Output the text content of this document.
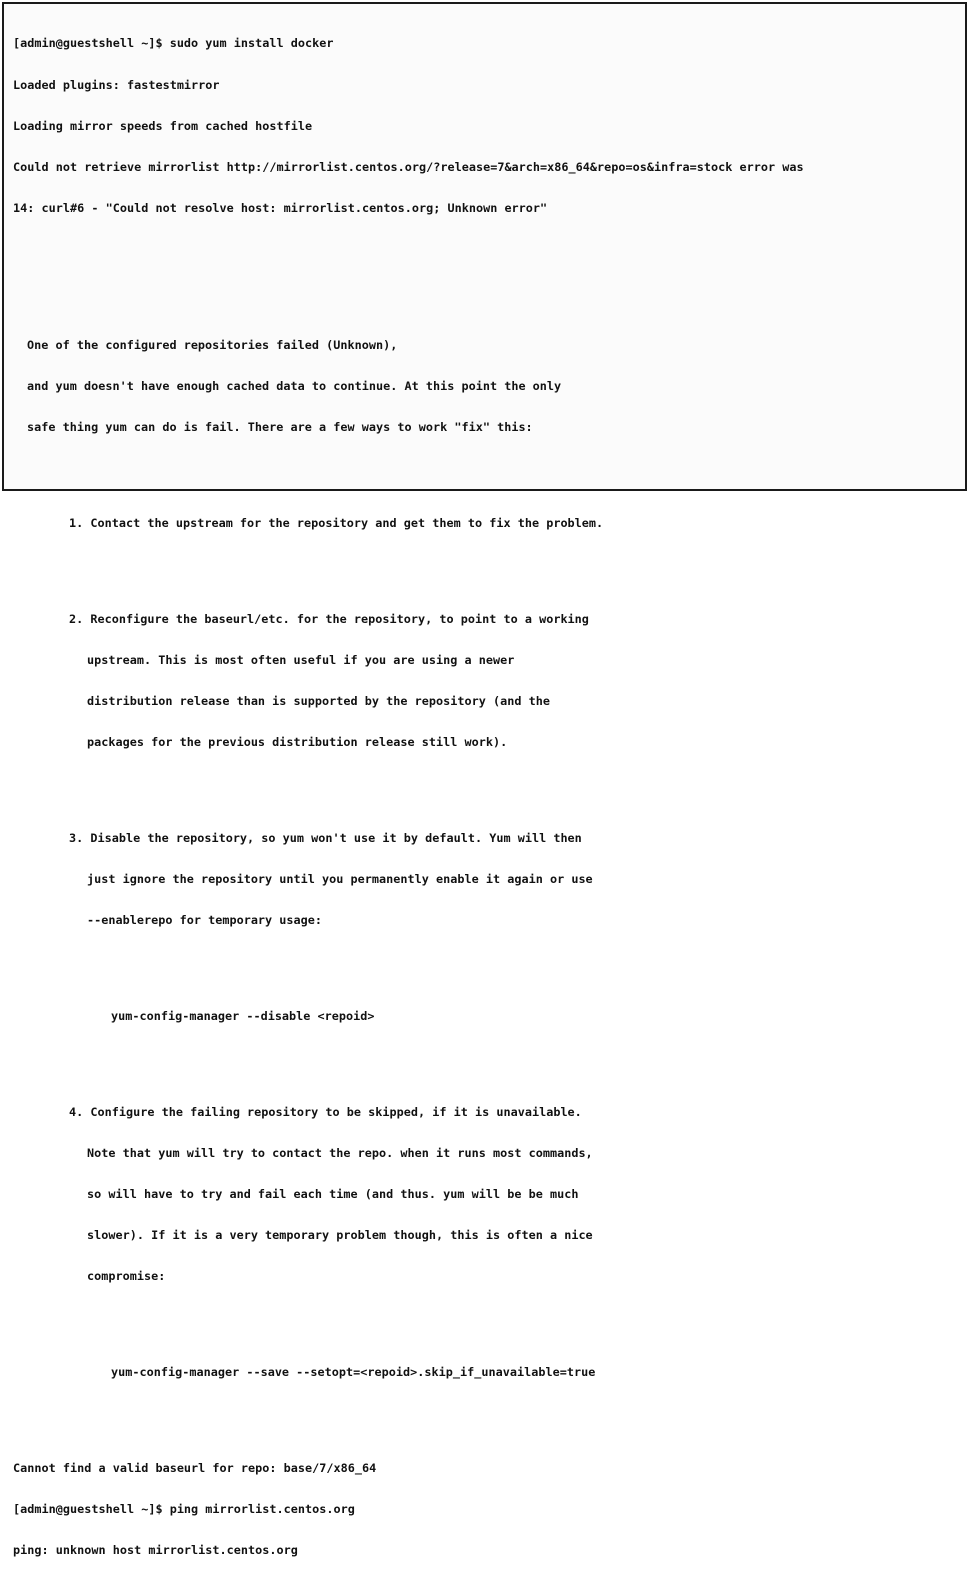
[admin@guestshell ~]$ sudo yum install docker

Loaded plugins: fastestmirror

Loading mirror speeds from cached hostfile

Could not retrieve mirrorlist http://mirrorlist.centos.org/?release=7&arch=x86_64&repo=os&infra=stock error was

14: curl#6 - "Could not resolve host: mirrorlist.centos.org; Unknown error"

One of the configured repositories failed (Unknown),

and yum doesn't have enough cached data to continue. At this point the only

safe thing yum can do is fail. There are a few ways to work "fix" this:

1. Contact the upstream for the repository and get them to fix the problem.

2. Reconfigure the baseurl/etc. for the repository, to point to a working

upstream. This is most often useful if you are using a newer

distribution release than is supported by the repository (and the

packages for the previous distribution release still work).

3. Disable the repository, so yum won't use it by default. Yum will then

just ignore the repository until you permanently enable it again or use

--enablerepo for temporary usage:

yum-config-manager --disable <repoid>

4. Configure the failing repository to be skipped, if it is unavailable.

Note that yum will try to contact the repo. when it runs most commands,

so will have to try and fail each time (and thus. yum will be be much

slower). If it is a very temporary problem though, this is often a nice

compromise:

yum-config-manager --save --setopt=<repoid>.skip_if_unavailable=true

Cannot find a valid baseurl for repo: base/7/x86_64

[admin@guestshell ~]$ ping mirrorlist.centos.org

ping: unknown host mirrorlist.centos.org
